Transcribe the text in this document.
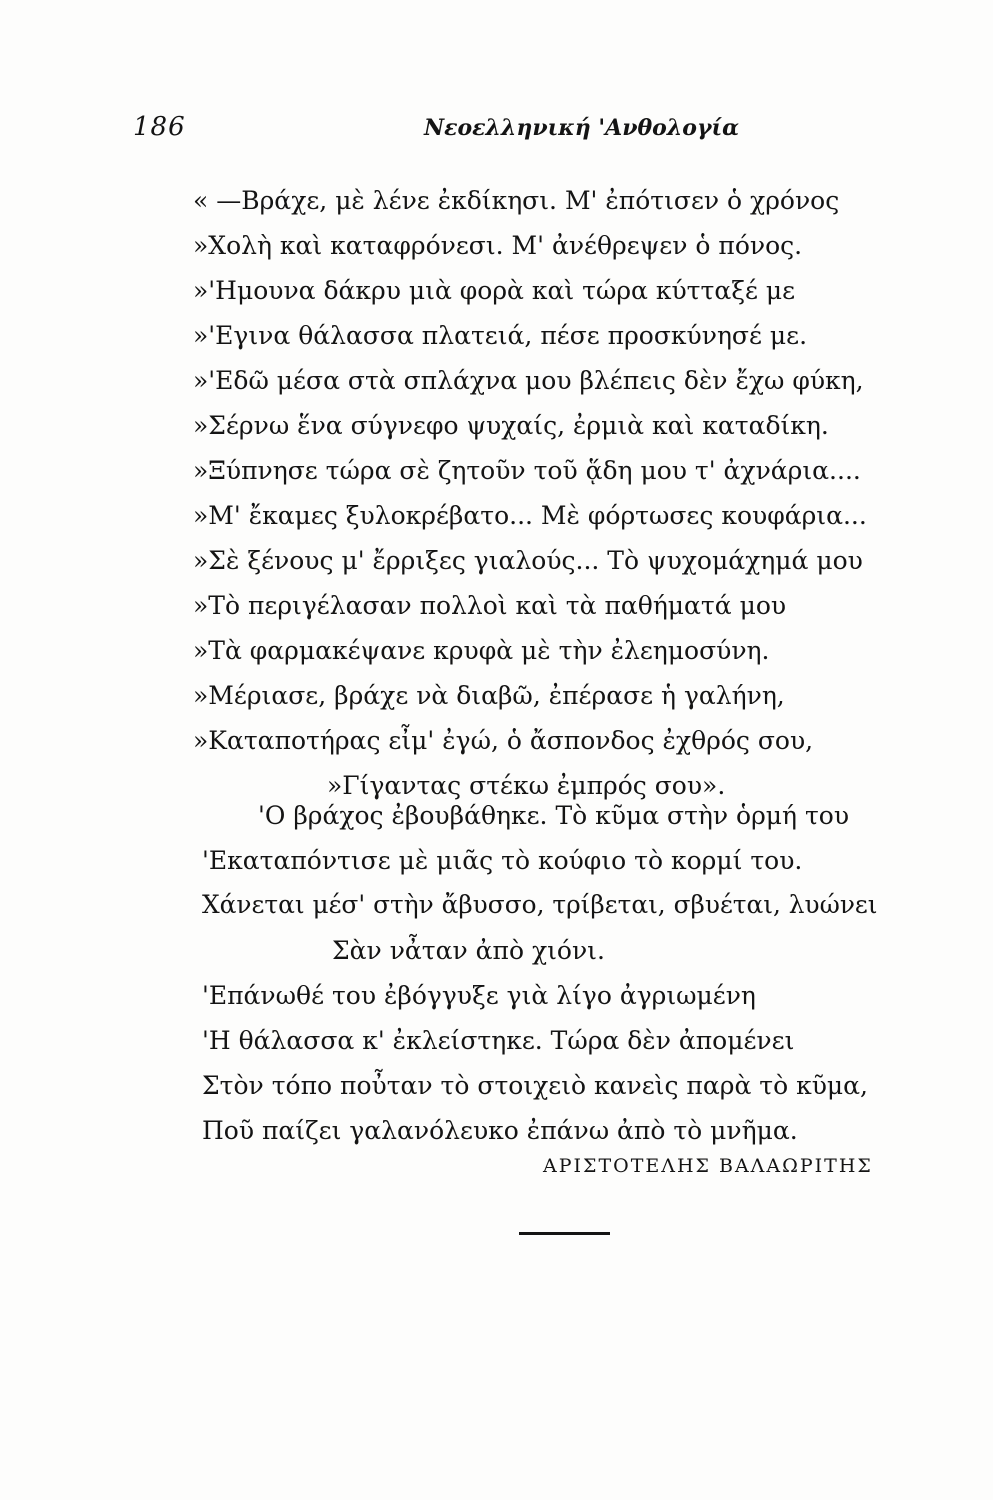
186	Νεοελληνική 'Ανθολογία
« —Βράχε, μὲ λένε ἐκδίκησι. Μ' ἐπότισεν ὁ χρόνος
»Χολὴ καὶ καταφρόνεσι. Μ' ἀνέθρεψεν ὁ πόνος.
»'Ημουνα δάκρυ μιὰ φορὰ καὶ τώρα κύτταξέ με
»'Εγινα θάλασσα πλατειά, πέσε προσκύνησέ με.
»'Εδῶ μέσα στὰ σπλάχνα μου βλέπεις δὲν ἔχω φύκη,
»Σέρνω ἕνα σύγνεφο ψυχαίς, ἐρμιὰ καὶ καταδίκη.
»Ξύπνησε τώρα σὲ ζητοῦν τοῦ ᾅδη μου τ' ἀχνάρια....
»Μ' ἔκαμες ξυλοκρέβατο... Μὲ φόρτωσες κουφάρια...
»Σὲ ξένους μ' ἔρριξες γιαλούς... Τὸ ψυχομάχημά μου
»Τὸ περιγέλασαν πολλοὶ καὶ τὰ παθήματά μου
»Τὰ φαρμακέψανε κρυφὰ μὲ τὴν ἐλεημοσύνη.
»Μέριασε, βράχε νὰ διαβῶ, ἐπέρασε ἡ γαλήνη,
»Καταποτήρας εἶμ' ἐγώ, ὁ ἄσπονδος ἐχθρός σου,
»Γίγαντας στέκω ἐμπρός σου».
'Ο βράχος ἐβουβάθηκε. Τὸ κῦμα στὴν ὁρμή του
'Εκαταπόντισε μὲ μιᾶς τὸ κούφιο τὸ κορμί του.
Χάνεται μέσ' στὴν ἄβυσσο, τρίβεται, σβυέται, λυώνει
Σὰν νἆταν ἀπὸ χιόνι.
'Επάνωθέ του ἐβόγγυξε γιὰ λίγο ἀγριωμένη
'Η θάλασσα κ' ἐκλείστηκε. Τώρα δὲν ἀπομένει
Στὸν τόπο ποὖταν τὸ στοιχειὸ κανεὶς παρὰ τὸ κῦμα,
Ποῦ παίζει γαλανόλευκο ἐπάνω ἀπὸ τὸ μνῆμα.
ΑΡΙΣΤΟΤΕΛΗΣ ΒΑΛΑΩΡΙΤΗΣ
